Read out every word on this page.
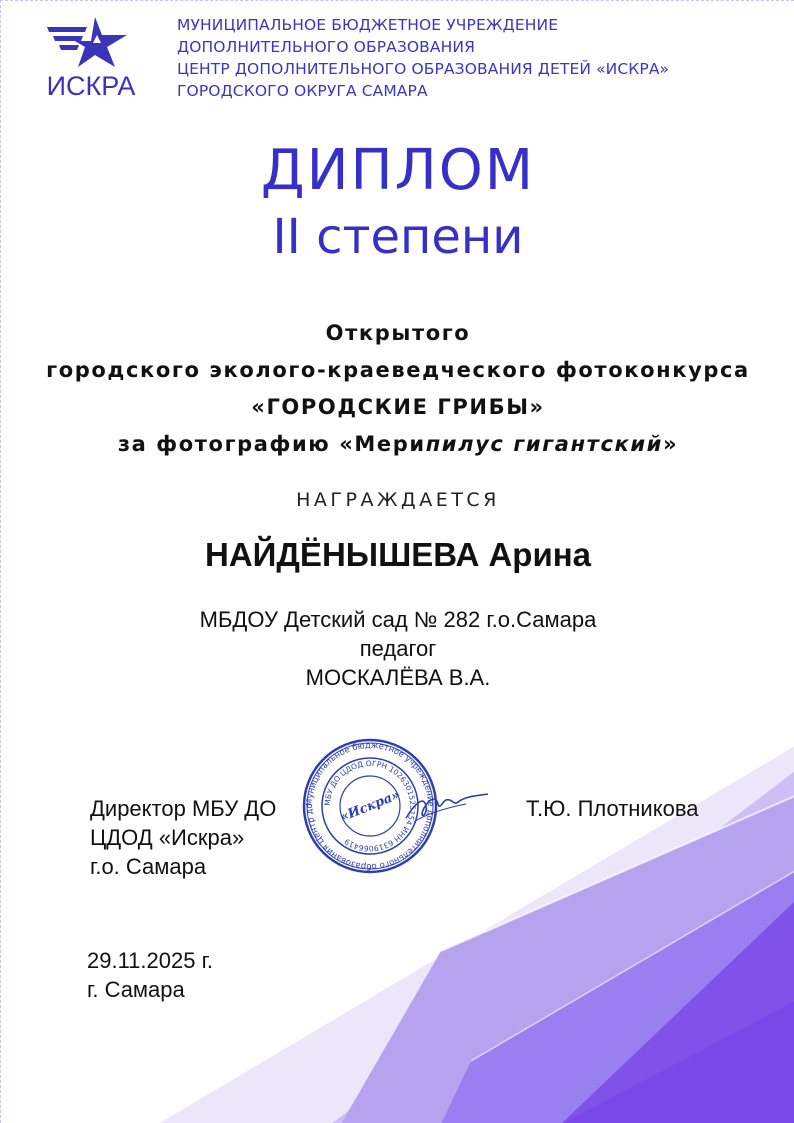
ИСКРА
МУНИЦИПАЛЬНОЕ БЮДЖЕТНОЕ УЧРЕЖДЕНИЕ
ДОПОЛНИТЕЛЬНОГО ОБРАЗОВАНИЯ
ЦЕНТР ДОПОЛНИТЕЛЬНОГО ОБРАЗОВАНИЯ ДЕТЕЙ «ИСКРА»
ГОРОДСКОГО ОКРУГА САМАРА
ДИПЛОМ
II степени
Открытого
городского эколого-краеведческого фотоконкурса
«ГОРОДСКИЕ ГРИБЫ»
за фотографию «Мерипилус гигантский»
НАГРАЖДАЕТСЯ
НАЙДЁНЫШЕВА Арина
МБДОУ Детский сад № 282 г.о.Самара
педагог
МОСКАЛЁВА В.А.
Муниципальное бюджетное учреждение дополнительного образования Центр до	МБУ ДО ЦДОД ОГРН 1026301525154 ИНН 6319066419
«Искра»
Директор МБУ ДО
ЦДОД «Искра»
г.о. Самара
Т.Ю. Плотникова
29.11.2025 г.
г. Самара
